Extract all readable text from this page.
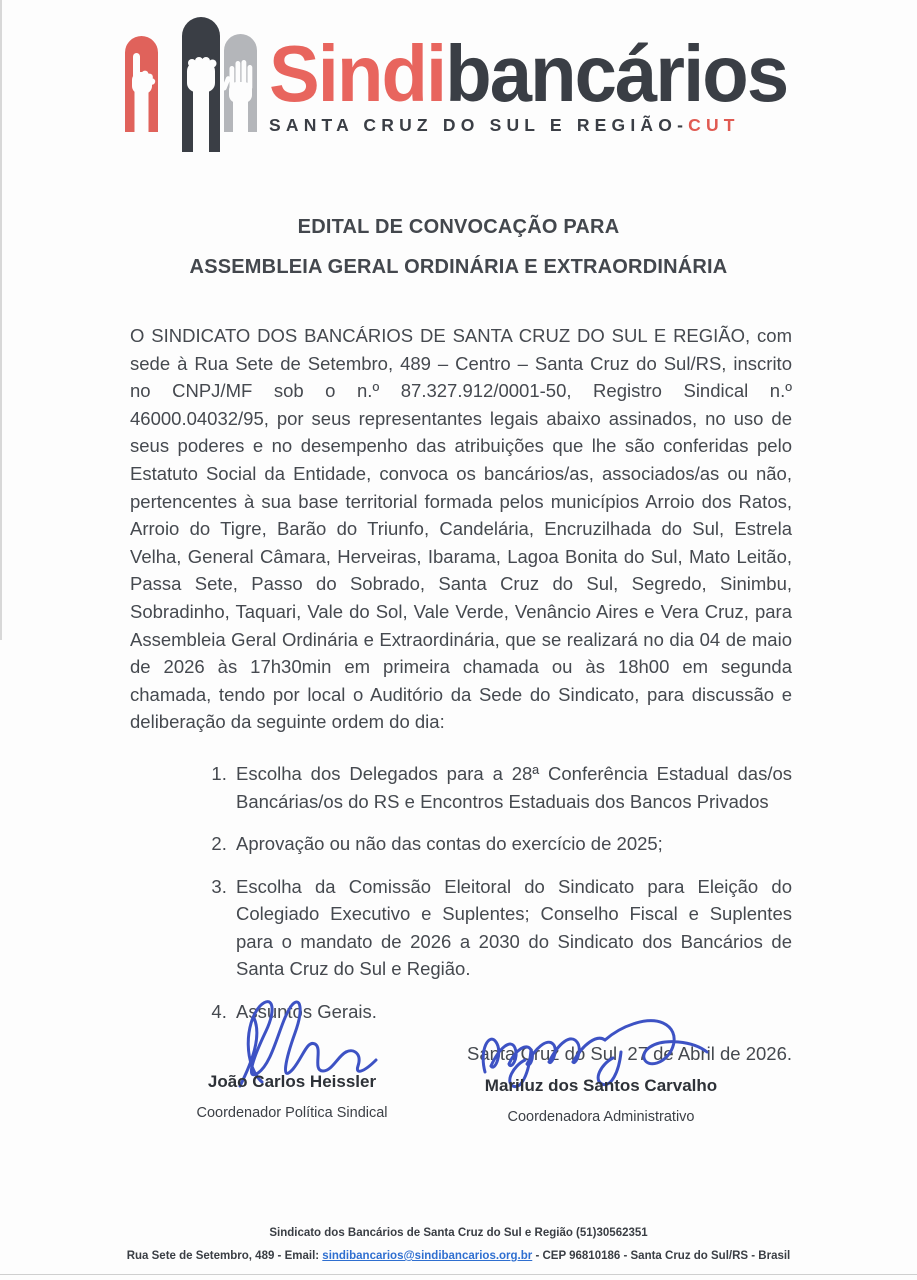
Sindibancários
SANTA CRUZ DO SUL E REGIÃO-CUT
EDITAL DE CONVOCAÇÃO PARA
ASSEMBLEIA GERAL ORDINÁRIA E EXTRAORDINÁRIA

O SINDICATO DOS BANCÁRIOS DE SANTA CRUZ DO SUL E REGIÃO, com sede à Rua Sete de Setembro, 489 – Centro – Santa Cruz do Sul/RS, inscrito no CNPJ/MF sob o n.º 87.327.912/0001-50, Registro Sindical n.º 46000.04032/95, por seus representantes legais abaixo assinados, no uso de seus poderes e no desempenho das atribuições que lhe são conferidas pelo Estatuto Social da Entidade, convoca os bancários/as, associados/as ou não, pertencentes à sua base territorial formada pelos municípios Arroio dos Ratos, Arroio do Tigre, Barão do Triunfo, Candelária, Encruzilhada do Sul, Estrela Velha, General Câmara, Herveiras, Ibarama, Lagoa Bonita do Sul, Mato Leitão, Passa Sete, Passo do Sobrado, Santa Cruz do Sul, Segredo, Sinimbu, Sobradinho, Taquari, Vale do Sol, Vale Verde, Venâncio Aires e Vera Cruz, para Assembleia Geral Ordinária e Extraordinária, que se realizará no dia 04 de maio de 2026 às 17h30min em primeira chamada ou às 18h00 em segunda chamada, tendo por local o Auditório da Sede do Sindicato, para discussão e deliberação da seguinte ordem do dia:

1. Escolha dos Delegados para a 28ª Conferência Estadual das/os Bancárias/os do RS e Encontros Estaduais dos Bancos Privados
2. Aprovação ou não das contas do exercício de 2025;
3. Escolha da Comissão Eleitoral do Sindicato para Eleição do Colegiado Executivo e Suplentes; Conselho Fiscal e Suplentes para o mandato de 2026 a 2030 do Sindicato dos Bancários de Santa Cruz do Sul e Região.
4. Assuntos Gerais.
Santa Cruz do Sul, 27 de Abril de 2026.
João Carlos Heissler
Coordenador Política Sindical
Mariluz dos Santos Carvalho
Coordenadora Administrativo
Sindicato dos Bancários de Santa Cruz do Sul e Região (51)30562351
Rua Sete de Setembro, 489 - Email: sindibancarios@sindibancarios.org.br - CEP 96810186 - Santa Cruz do Sul/RS - Brasil
